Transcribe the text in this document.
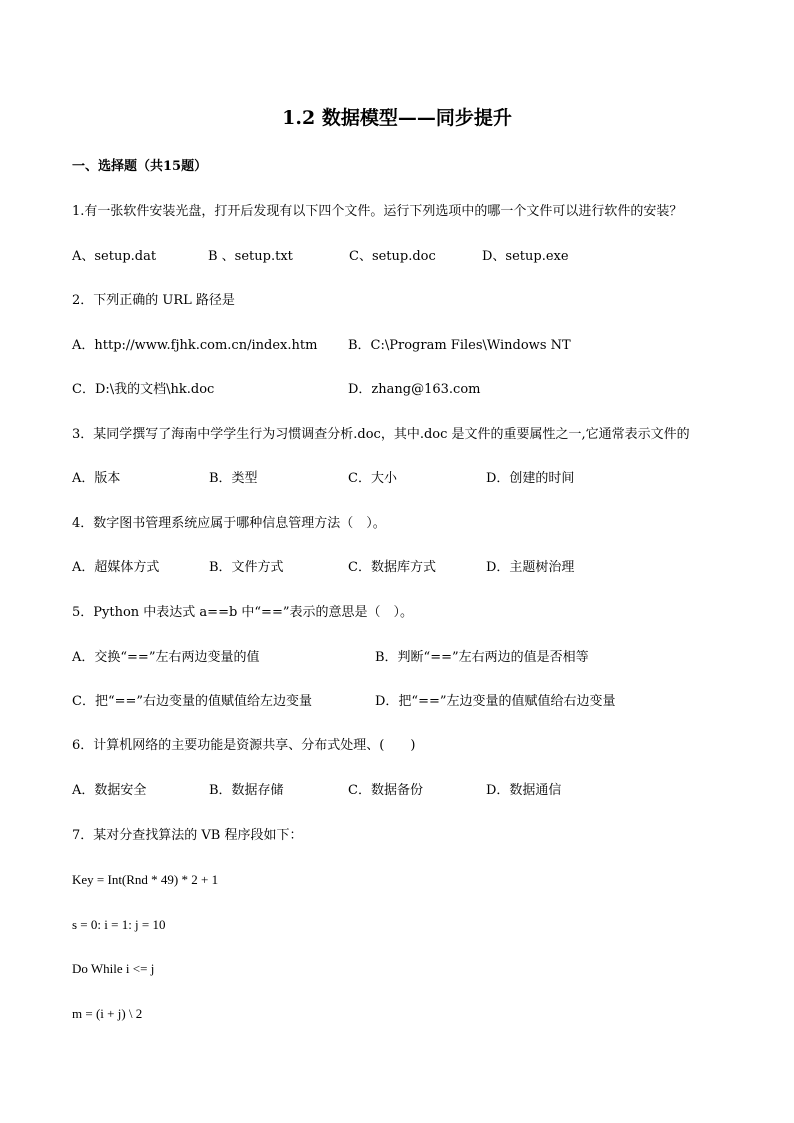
1.2 数据模型——同步提升
一、选择题（共15题）
1.有一张软件安装光盘，打开后发现有以下四个文件。运行下列选项中的哪一个文件可以进行软件的安装？
A、setup.dat	B 、setup.txt	C、setup.doc	D、setup.exe
2．下列正确的 URL 路径是
A．http://www.fjhk.com.cn/index.htm B．C:\Program Files\Windows NT
C．D:\我的文档\hk.doc	D．zhang@163.com
3．某同学撰写了海南中学学生行为习惯调查分析.doc，其中.doc 是文件的重要属性之一,它通常表示文件的
A．版本	B．类型	C．大小	D．创建的时间
4．数字图书管理系统应属于哪种信息管理方法（　）。
A．超媒体方式	B．文件方式	C．数据库方式	D．主题树治理
5．Python 中表达式 a==b 中“==”表示的意思是（　）。
A．交换“==”左右两边变量的值	B．判断“==”左右两边的值是否相等
C．把“==”右边变量的值赋值给左边变量	D．把“==”左边变量的值赋值给右边变量
6．计算机网络的主要功能是资源共享、分布式处理、(　　)
A．数据安全	B．数据存储	C．数据备份	D．数据通信
7．某对分查找算法的 VB 程序段如下：
Key = Int(Rnd * 49) * 2 + 1
s = 0: i = 1: j = 10
Do While i <= j
m = (i + j) \ 2
